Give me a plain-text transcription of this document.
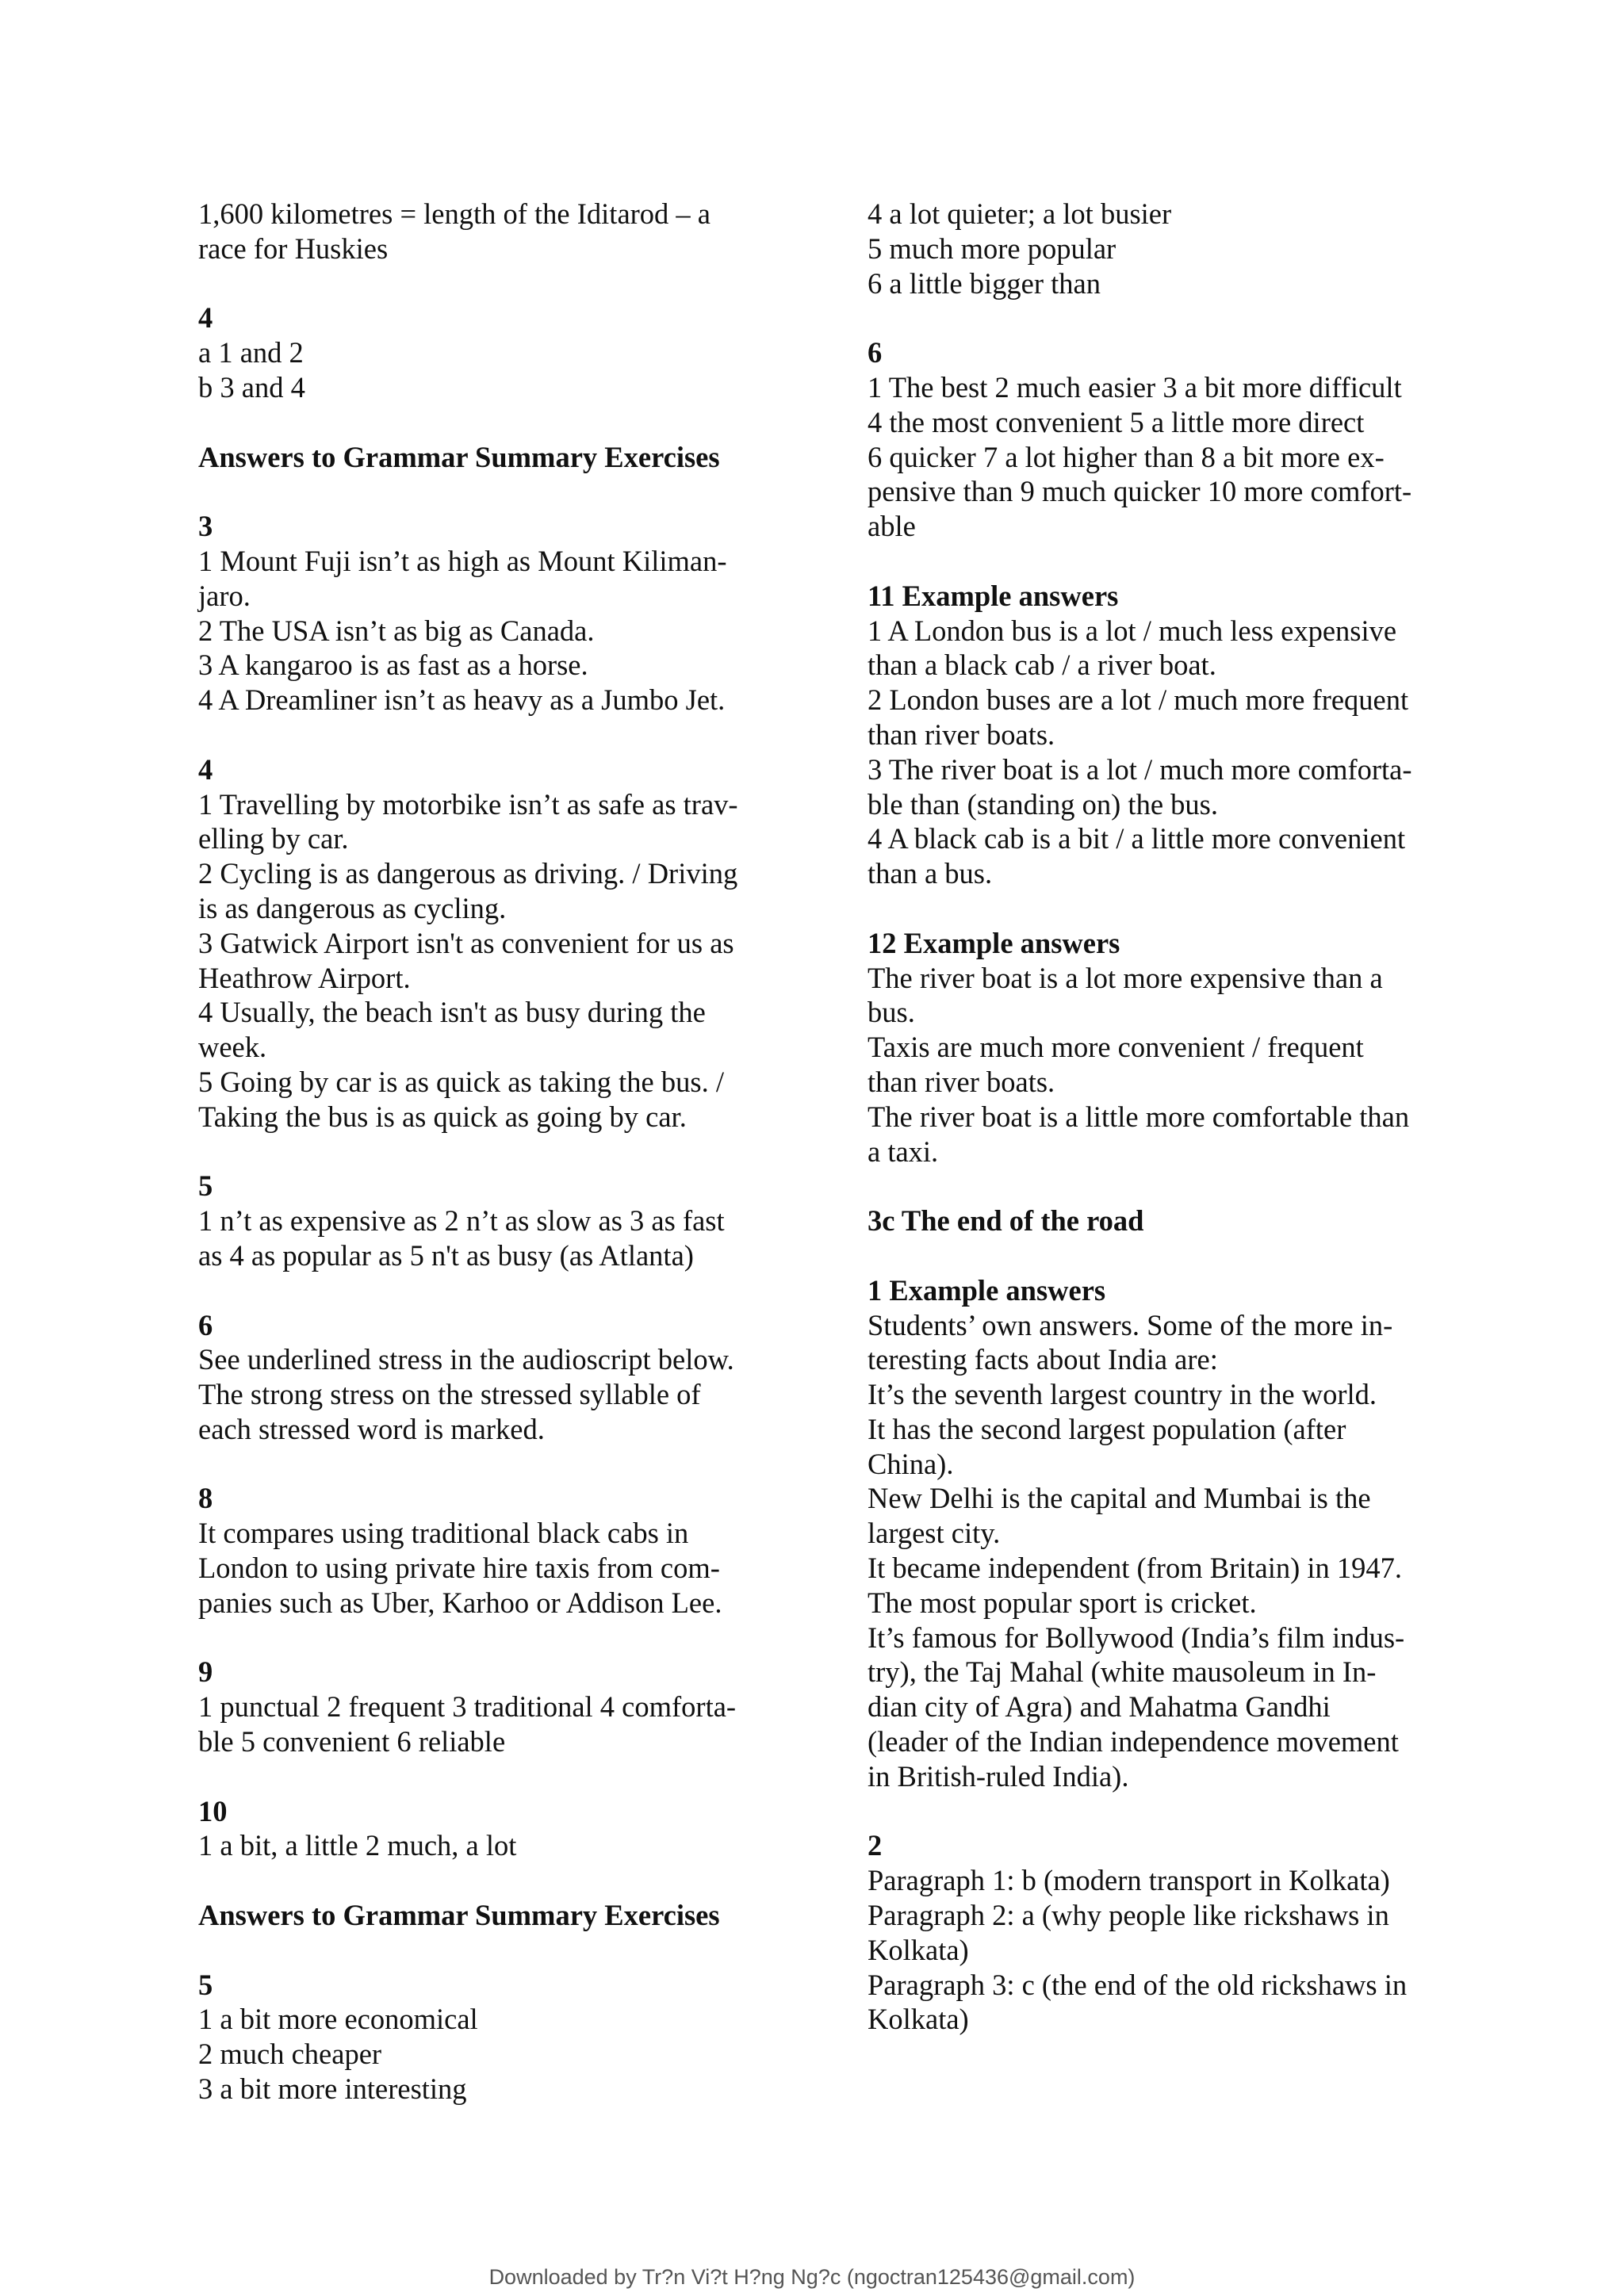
1,600 kilometres = length of the Iditarod – a
race for Huskies
4
a 1 and 2
b 3 and 4
Answers to Grammar Summary Exercises
3
1 Mount Fuji isn’t as high as Mount Kiliman-
jaro.
2 The USA isn’t as big as Canada.
3 A kangaroo is as fast as a horse.
4 A Dreamliner isn’t as heavy as a Jumbo Jet.
4
1 Travelling by motorbike isn’t as safe as trav-
elling by car.
2 Cycling is as dangerous as driving. / Driving
is as dangerous as cycling.
3 Gatwick Airport isn't as convenient for us as
Heathrow Airport.
4 Usually, the beach isn't as busy during the
week.
5 Going by car is as quick as taking the bus. /
Taking the bus is as quick as going by car.
5
1 n’t as expensive as 2 n’t as slow as 3 as fast
as 4 as popular as 5 n't as busy (as Atlanta)
6
See underlined stress in the audioscript below.
The strong stress on the stressed syllable of
each stressed word is marked.
8
It compares using traditional black cabs in
London to using private hire taxis from com-
panies such as Uber, Karhoo or Addison Lee.
9
1 punctual 2 frequent 3 traditional 4 comforta-
ble 5 convenient 6 reliable
10
1 a bit, a little 2 much, a lot
Answers to Grammar Summary Exercises
5
1 a bit more economical
2 much cheaper
3 a bit more interesting
4 a lot quieter; a lot busier
5 much more popular
6 a little bigger than
6
1 The best 2 much easier 3 a bit more difficult
4 the most convenient 5 a little more direct
6 quicker 7 a lot higher than 8 a bit more ex-
pensive than 9 much quicker 10 more comfort-
able
11 Example answers
1 A London bus is a lot / much less expensive
than a black cab / a river boat.
2 London buses are a lot / much more frequent
than river boats.
3 The river boat is a lot / much more comforta-
ble than (standing on) the bus.
4 A black cab is a bit / a little more convenient
than a bus.
12 Example answers
The river boat is a lot more expensive than a
bus.
Taxis are much more convenient / frequent
than river boats.
The river boat is a little more comfortable than
a taxi.
3c The end of the road
1 Example answers
Students’ own answers. Some of the more in-
teresting facts about India are:
It’s the seventh largest country in the world.
It has the second largest population (after
China).
New Delhi is the capital and Mumbai is the
largest city.
It became independent (from Britain) in 1947.
The most popular sport is cricket.
It’s famous for Bollywood (India’s film indus-
try), the Taj Mahal (white mausoleum in In-
dian city of Agra) and Mahatma Gandhi
(leader of the Indian independence movement
in British-ruled India).
2
Paragraph 1: b (modern transport in Kolkata)
Paragraph 2: a (why people like rickshaws in
Kolkata)
Paragraph 3: c (the end of the old rickshaws in
Kolkata)
Downloaded by Tr?n Vi?t H?ng Ng?c (ngoctran125436@gmail.com)
